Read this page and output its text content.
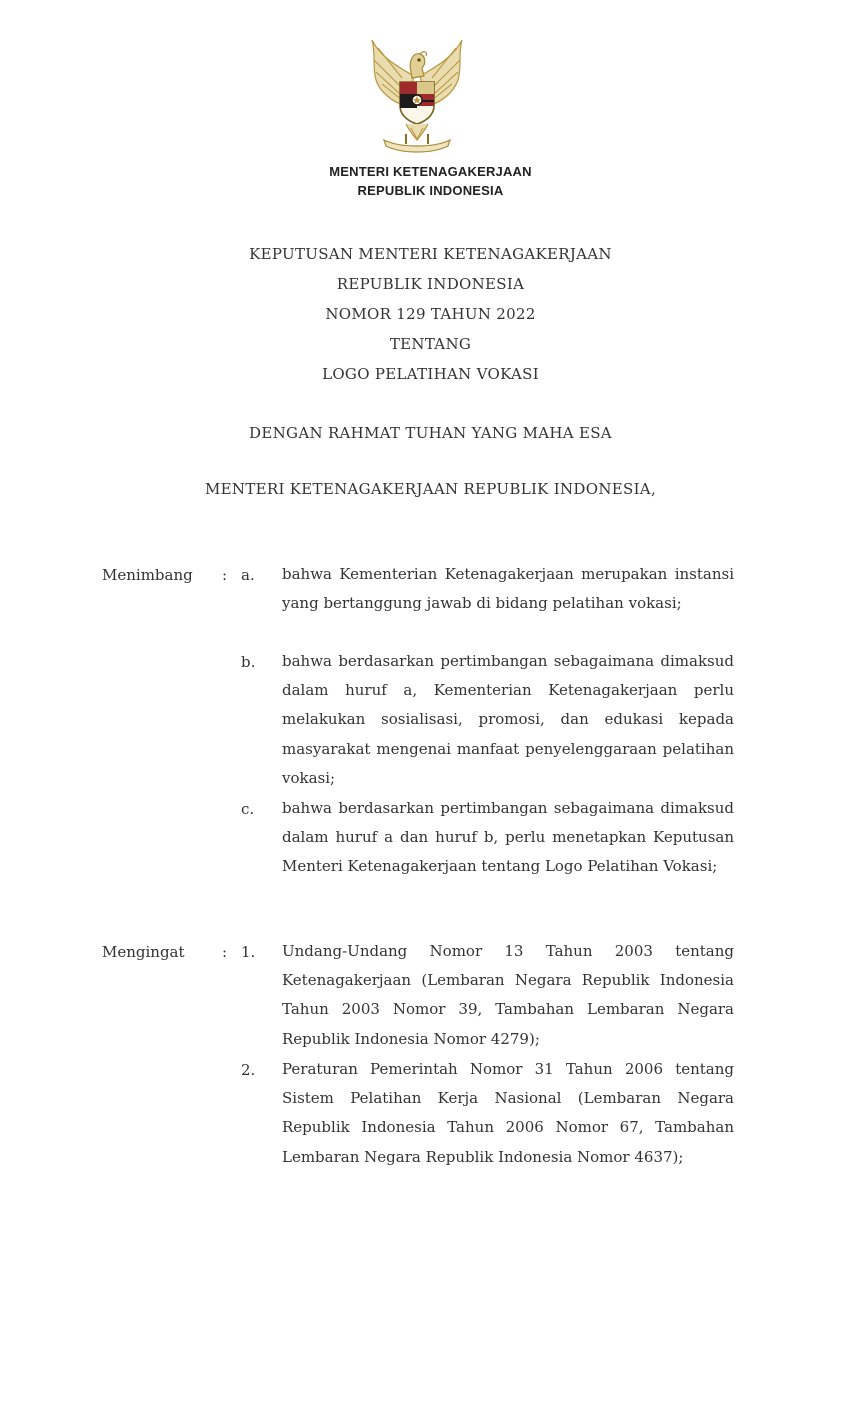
MENTERI KETENAGAKERJAAN
REPUBLIK INDONESIA
KEPUTUSAN MENTERI KETENAGAKERJAAN
REPUBLIK INDONESIA
NOMOR 129 TAHUN 2022
TENTANG
LOGO PELATIHAN VOKASI
DENGAN RAHMAT TUHAN YANG MAHA ESA
MENTERI KETENAGAKERJAAN REPUBLIK INDONESIA,
Menimbang : a. bahwa Kementerian Ketenagakerjaan merupakan instansi yang bertanggung jawab di bidang pelatihan vokasi;
b. bahwa berdasarkan pertimbangan sebagaimana dimaksud dalam huruf a, Kementerian Ketenagakerjaan perlu melakukan sosialisasi, promosi, dan edukasi kepada masyarakat mengenai manfaat penyelenggaraan pelatihan vokasi;
c. bahwa berdasarkan pertimbangan sebagaimana dimaksud dalam huruf a dan huruf b, perlu menetapkan Keputusan Menteri Ketenagakerjaan tentang Logo Pelatihan Vokasi;
Mengingat : 1. Undang-Undang Nomor 13 Tahun 2003 tentang Ketenagakerjaan (Lembaran Negara Republik Indonesia Tahun 2003 Nomor 39, Tambahan Lembaran Negara Republik Indonesia Nomor 4279);
2. Peraturan Pemerintah Nomor 31 Tahun 2006 tentang Sistem Pelatihan Kerja Nasional (Lembaran Negara Republik Indonesia Tahun 2006 Nomor 67, Tambahan Lembaran Negara Republik Indonesia Nomor 4637);
